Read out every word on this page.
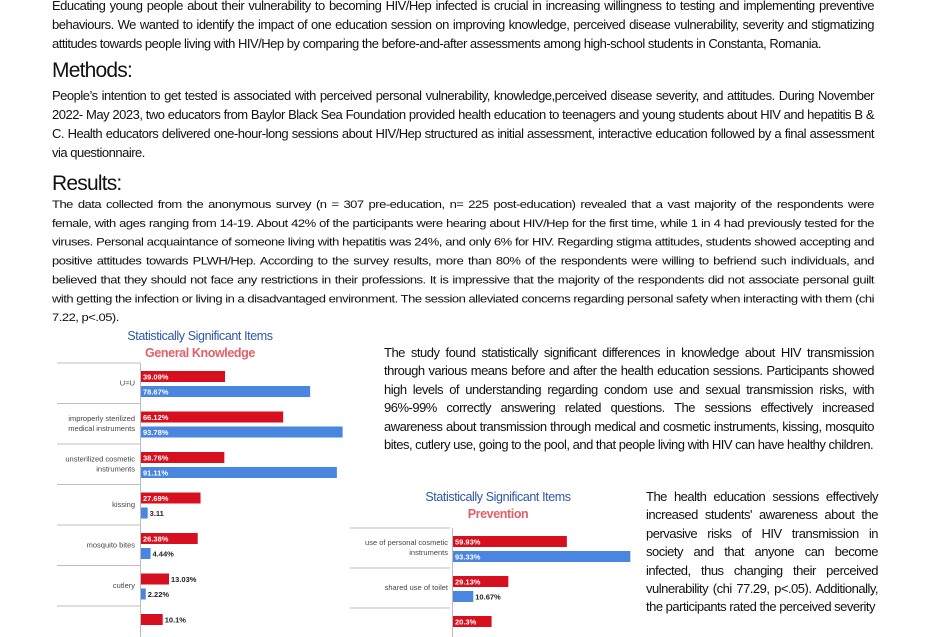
Educating young people about their vulnerability to becoming HIV/Hep infected is crucial in increasing willingness to testing and implementing preventive behaviours. We wanted to identify the impact of one education session on improving knowledge, perceived disease vulnerability, severity and stigmatizing attitudes towards people living with HIV/Hep by comparing the before-and-after assessments among high-school students in Constanta, Romania.
Methods:
People’s intention to get tested is associated with perceived personal vulnerability, knowledge,perceived disease severity, and attitudes. During November 2022- May 2023, two educators from Baylor Black Sea Foundation provided health education to teenagers and young students about HIV and hepatitis B & C. Health educators delivered one-hour-long sessions about HIV/Hep structured as initial assessment, interactive education followed by a final assessment via questionnaire.
Results:
The data collected from the anonymous survey (n = 307 pre-education, n= 225 post-education) revealed that a vast majority of the respondents were female, with ages ranging from 14-19. About 42% of the participants were hearing about HIV/Hep for the first time, while 1 in 4 had previously tested for the viruses. Personal acquaintance of someone living with hepatitis was 24%, and only 6% for HIV. Regarding stigma attitudes, students showed accepting and positive attitudes towards PLWH/Hep. According to the survey results, more than 80% of the respondents were willing to befriend such individuals, and believed that they should not face any restrictions in their professions. It is impressive that the majority of the respondents did not associate personal guilt with getting the infection or living in a disadvantaged environment. The session alleviated concerns regarding personal safety when interacting with them (chi 7.22, p<.05).
Statistically Significant Items
General Knowledge
U=U
39.09%
78.67%
improperly sterilized
medical instruments
66.12%
93.78%
unsterilized cosmetic
instruments
38.76%
91.11%
kissing
27.69%
3.11
mosquito bites
26.38%
4.44%
cutlery
13.03%
2.22%
10.1%
The study found statistically significant differences in knowledge about HIV transmission through various means before and after the health education sessions. Participants showed high levels of understanding regarding condom use and sexual transmission risks, with 96%-99% correctly answering related questions. The sessions effectively increased awareness about transmission through medical and cosmetic instruments, kissing, mosquito bites, cutlery use, going to the pool, and that people living with HIV can have healthy children.
Statistically Significant Items
Prevention
use of personal cosmetic
instruments
59.93%
93.33%
shared use of toilet
29.13%
10.67%
20.3%
The health education sessions effectively increased students' awareness about the pervasive risks of HIV transmission in society and that anyone can become infected, thus changing their perceived vulnerability (chi 77.29, p<.05). Additionally, the participants rated the perceived severity
